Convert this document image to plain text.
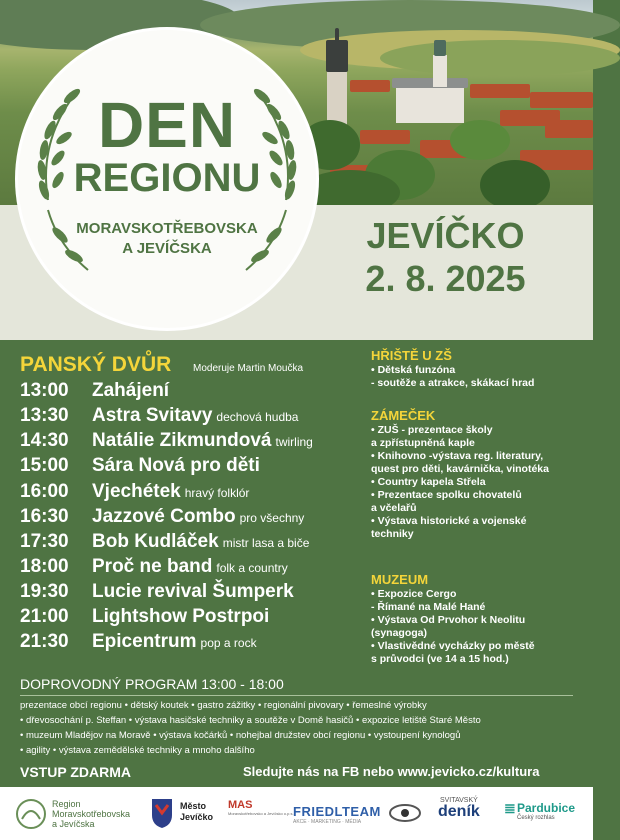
DEN
REGIONU
MORAVSKOTŘEBOVSKA
A JEVÍČSKA	JEVÍČKO
2. 8. 2025
PANSKÝ DVŮR Moderuje Martin Moučka
13:00 Zahájení
13:30 Astra Svitavy dechová hudba
14:30 Natálie Zikmundová twirling
15:00 Sára Nová pro děti
16:00 Vjechétek hravý folklór
16:30 Jazzové Combo pro všechny
17:30 Bob Kudláček mistr lasa a biče
18:00 Proč ne band folk a country
19:30 Lucie revival Šumperk
21:00 Lightshow Postrpoi
21:30 Epicentrum pop a rock
HŘIŠTĚ U ZŠ
• Dětská funzóna
- soutěže a atrakce, skákací hrad
ZÁMEČEK
• ZUŠ - prezentace školy
a zpřístupněná kaple
• Knihovno -výstava reg. literatury,
quest pro děti, kavárnička, vinotéka
• Country kapela Střela
• Prezentace spolku chovatelů
a včelařů
• Výstava historické a vojenské
techniky
MUZEUM
• Expozice Cergo
- Římané na Malé Hané
• Výstava Od Prvohor k Neolitu
(synagoga)
• Vlastivědné vycházky po městě
s průvodci (ve 14 a 15 hod.)
DOPROVODNÝ PROGRAM 13:00 - 18:00
prezentace obcí regionu • dětský koutek • gastro zážitky • regionální pivovary • řemeslné výrobky
• dřevosochání p. Steffan • výstava hasičské techniky a soutěže v Domě hasičů • expozice letiště Staré Město
• muzeum Mladějov na Moravě • výstava kočárků • nohejbal družstev obcí regionu • vystoupení kynologů
• agility • výstava zemědělské techniky a mnoho dalšího
VSTUP ZDARMA	Sledujte nás na FB nebo www.jevicko.cz/kultura
Region
Moravskotřebovska
a Jevíčska
Město
Jevíčko
MAS
Moravskotřebovsko a Jevíčsko o.p.s. FRIEDLTEAM
AKCE · MARKETING · MÉDIA
SVITAVSKÝ
deník ≣ Pardubice
Český rozhlas
